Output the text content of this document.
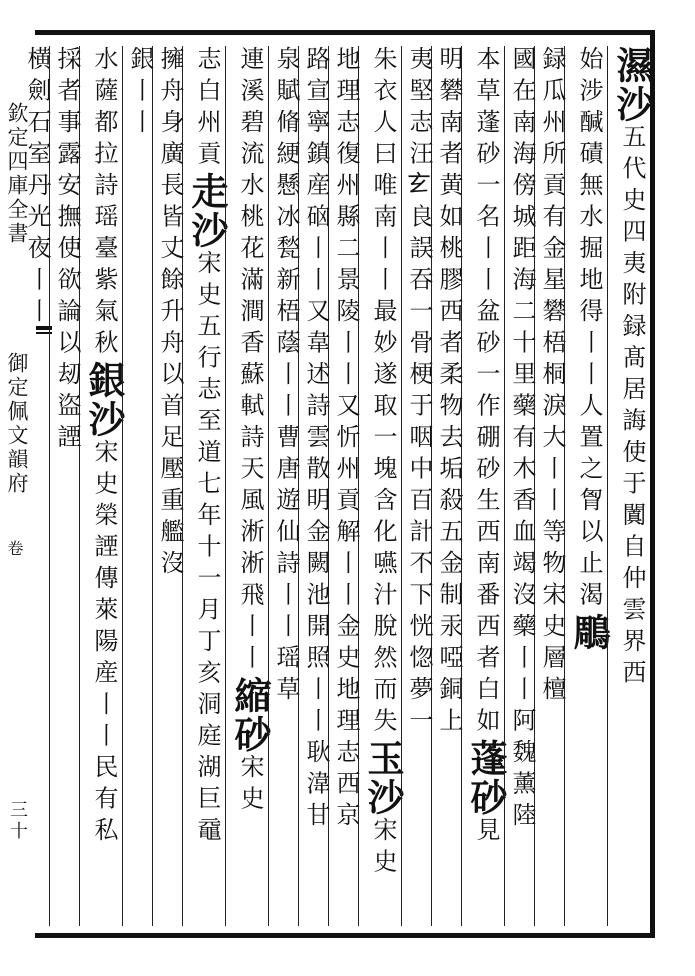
欽定四庫全書
御定佩文韻府
卷
三十
濕沙五代史四夷附録髙居誨使于闐自仲雲界西
始涉醎磧無水掘地得丨丨人置之胷以止渴鵰
録瓜州所貢有金星礬梧桐淚大丨丨等物宋史層檀
國在南海傍城距海二十里藥有木香血竭沒藥丨丨阿魏薰陸
本草蓬砂一名丨丨盆砂一作硼砂生西南番西者白如蓬砂見
明礬南者黄如桃膠西者柔物去垢殺五金制汞啞銅上
夷堅志汪𤣥良誤吞一骨梗于咽中百計不下恍惚夢一
朱衣人曰唯南丨丨最妙遂取一塊含化嚥汁脫然而失玉沙宋史
地理志復州縣二景陵丨丨又忻州貢解丨丨金史地理志西京
路宣寧鎮産硇丨丨又韋述詩雲散明金闕池開照丨丨耿湋甘
泉賦脩綆懸冰甃新梧蔭丨丨曹唐遊仙詩丨丨瑶草
連溪碧流水桃花滿澗香蘇軾詩天風淅淅飛丨丨縮砂宋史
志白州貢走沙宋史五行志至道七年十一月丁亥洞庭湖巨黿
擁舟身廣長皆丈餘升舟以首足壓重艦沒
銀丨丨
水薩都拉詩瑶臺紫氣秋銀沙宋史榮諲傳萊陽産丨丨民有私
採者事露安撫使欲論以刼盜諲
横劍石室丹光夜丨丨
